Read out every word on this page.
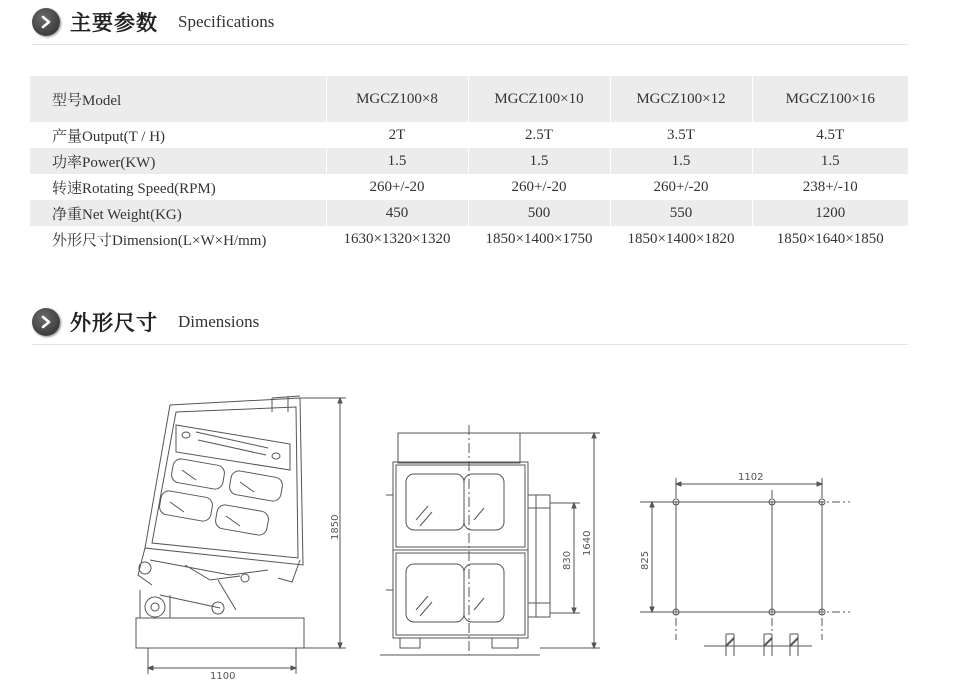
主要参数 Specifications
型号Model	MGCZ100×8	MGCZ100×10	MGCZ100×12	MGCZ100×16
产量Output(T / H)	2T	2.5T	3.5T	4.5T
功率Power(KW)	1.5	1.5	1.5	1.5
转速Rotating Speed(RPM)	260+/-20	260+/-20	260+/-20	238+/-10
净重Net Weight(KG)	450	500	550	1200
外形尺寸Dimension(L×W×H/mm)	1630×1320×1320	1850×1400×1750	1850×1400×1820	1850×1640×1850
外形尺寸 Dimensions
1100
1850
830
1640
1102
825
